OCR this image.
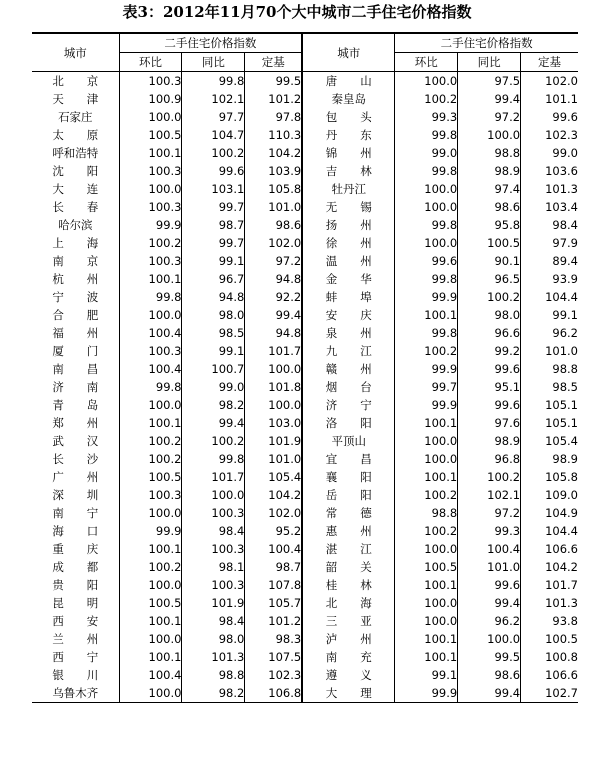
表3：2012年11月70个大中城市二手住宅价格指数
城市	二手住宅价格指数			城市	二手住宅价格指数		
	环比	同比	定基		环比	同比	定基
北　　京	100.3	99.8	99.5	唐　　山	100.0	97.5	102.0
天　　津	100.9	102.1	101.2	秦皇岛	100.2	99.4	101.1
石家庄	100.0	97.7	97.8	包　　头	99.3	97.2	99.6
太　　原	100.5	104.7	110.3	丹　　东	99.8	100.0	102.3
呼和浩特	100.1	100.2	104.2	锦　　州	99.0	98.8	99.0
沈　　阳	100.3	99.6	103.9	吉　　林	99.8	98.9	103.6
大　　连	100.0	103.1	105.8	牡丹江	100.0	97.4	101.3
长　　春	100.3	99.7	101.0	无　　锡	100.0	98.6	103.4
哈尔滨	99.9	98.7	98.6	扬　　州	99.8	95.8	98.4
上　　海	100.2	99.7	102.0	徐　　州	100.0	100.5	97.9
南　　京	100.3	99.1	97.2	温　　州	99.6	90.1	89.4
杭　　州	100.1	96.7	94.8	金　　华	99.8	96.5	93.9
宁　　波	99.8	94.8	92.2	蚌　　埠	99.9	100.2	104.4
合　　肥	100.0	98.0	99.4	安　　庆	100.1	98.0	99.1
福　　州	100.4	98.5	94.8	泉　　州	99.8	96.6	96.2
厦　　门	100.3	99.1	101.7	九　　江	100.2	99.2	101.0
南　　昌	100.4	100.7	100.0	赣　　州	99.9	99.6	98.8
济　　南	99.8	99.0	101.8	烟　　台	99.7	95.1	98.5
青　　岛	100.0	98.2	100.0	济　　宁	99.9	99.6	105.1
郑　　州	100.1	99.4	103.0	洛　　阳	100.1	97.6	105.1
武　　汉	100.2	100.2	101.9	平顶山	100.0	98.9	105.4
长　　沙	100.2	99.8	101.0	宜　　昌	100.0	96.8	98.9
广　　州	100.5	101.7	105.4	襄　　阳	100.1	100.2	105.8
深　　圳	100.3	100.0	104.2	岳　　阳	100.2	102.1	109.0
南　　宁	100.0	100.3	102.0	常　　德	98.8	97.2	104.9
海　　口	99.9	98.4	95.2	惠　　州	100.2	99.3	104.4
重　　庆	100.1	100.3	100.4	湛　　江	100.0	100.4	106.6
成　　都	100.2	98.1	98.7	韶　　关	100.5	101.0	104.2
贵　　阳	100.0	100.3	107.8	桂　　林	100.1	99.6	101.7
昆　　明	100.5	101.9	105.7	北　　海	100.0	99.4	101.3
西　　安	100.1	98.4	101.2	三　　亚	100.0	96.2	93.8
兰　　州	100.0	98.0	98.3	泸　　州	100.1	100.0	100.5
西　　宁	100.1	101.3	107.5	南　　充	100.1	99.5	100.8
银　　川	100.4	98.8	102.3	遵　　义	99.1	98.6	106.6
乌鲁木齐	100.0	98.2	106.8	大　　理	99.9	99.4	102.7
